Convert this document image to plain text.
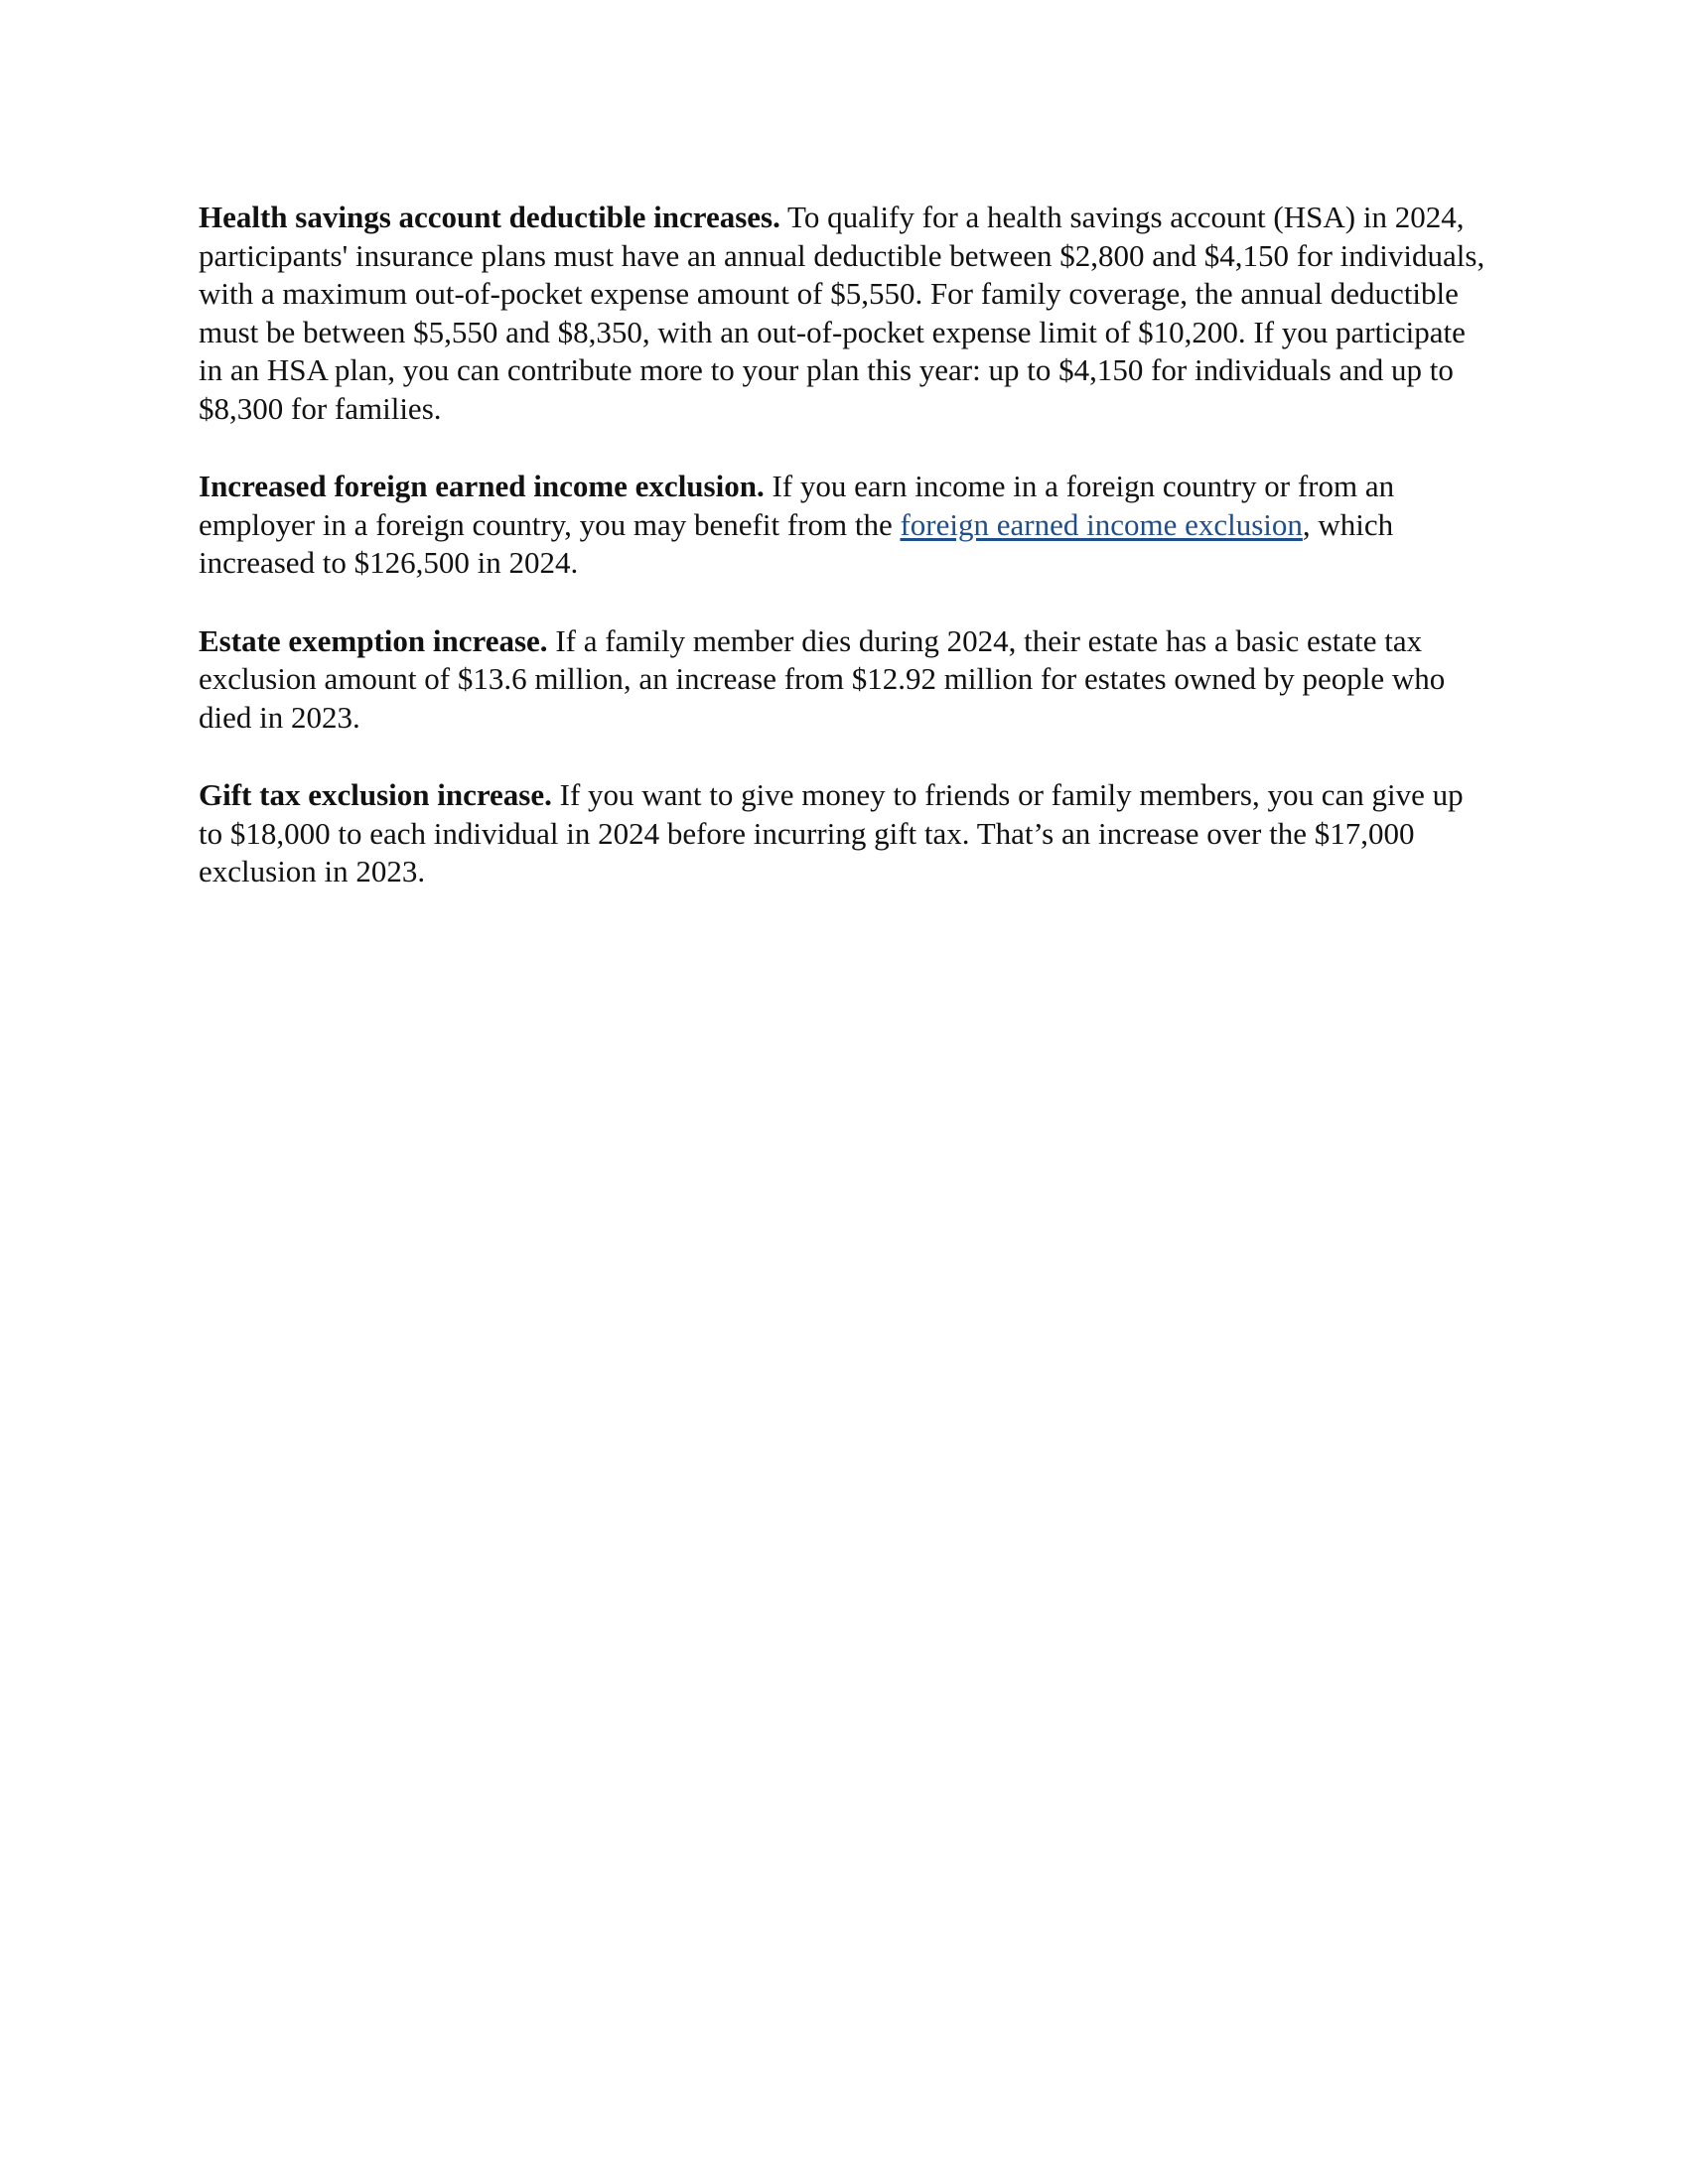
Health savings account deductible increases. To qualify for a health savings account (HSA) in 2024, participants' insurance plans must have an annual deductible between $2,800 and $4,150 for individuals, with a maximum out-of-pocket expense amount of $5,550. For family coverage, the annual deductible must be between $5,550 and $8,350, with an out-of-pocket expense limit of $10,200. If you participate in an HSA plan, you can contribute more to your plan this year: up to $4,150 for individuals and up to $8,300 for families.

Increased foreign earned income exclusion. If you earn income in a foreign country or from an employer in a foreign country, you may benefit from the foreign earned income exclusion, which increased to $126,500 in 2024.

Estate exemption increase. If a family member dies during 2024, their estate has a basic estate tax exclusion amount of $13.6 million, an increase from $12.92 million for estates owned by people who died in 2023.

Gift tax exclusion increase. If you want to give money to friends or family members, you can give up to $18,000 to each individual in 2024 before incurring gift tax. That’s an increase over the $17,000 exclusion in 2023.
